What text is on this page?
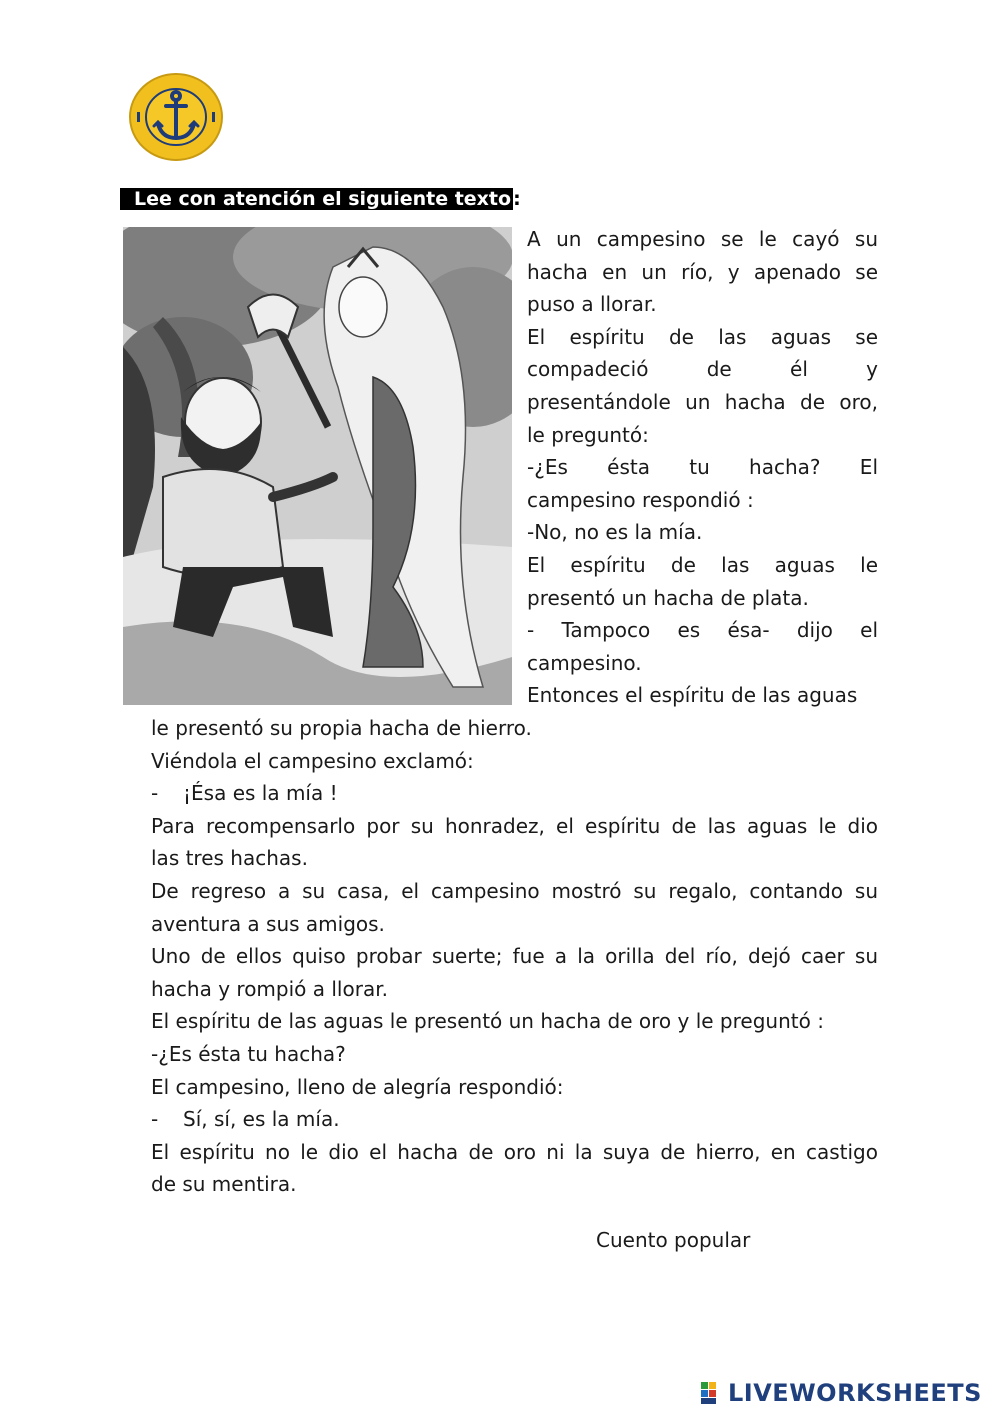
Lee con atención el siguiente texto :

A un campesino se le cayó su

hacha en un río, y apenado se

puso a llorar.

El espíritu de las aguas se

compadeció de él y

presentándole un hacha de oro,

le preguntó:

-¿Es ésta tu hacha? El

campesino respondió :

-No, no es la mía.

El espíritu de las aguas le

presentó un hacha de plata.

- Tampoco es ésa- dijo el

campesino.

Entonces el espíritu de las aguas

le presentó su propia hacha de hierro.

Viéndola el campesino exclamó:

-	¡Ésa es la mía !

Para recompensarlo por su honradez, el espíritu de las aguas le dio

las tres hachas.

De regreso a su casa, el campesino mostró su regalo, contando su

aventura a sus amigos.

Uno de ellos quiso probar suerte; fue a la orilla del río, dejó caer su

hacha y rompió a llorar.

El espíritu de las aguas le presentó un hacha de oro y le preguntó :

-¿Es ésta tu hacha?

El campesino, lleno de alegría respondió:

-	Sí, sí, es la mía.

El espíritu no le dio el hacha de oro ni la suya de hierro, en castigo

de su mentira.

Cuento popular
LIVEWORKSHEETS
